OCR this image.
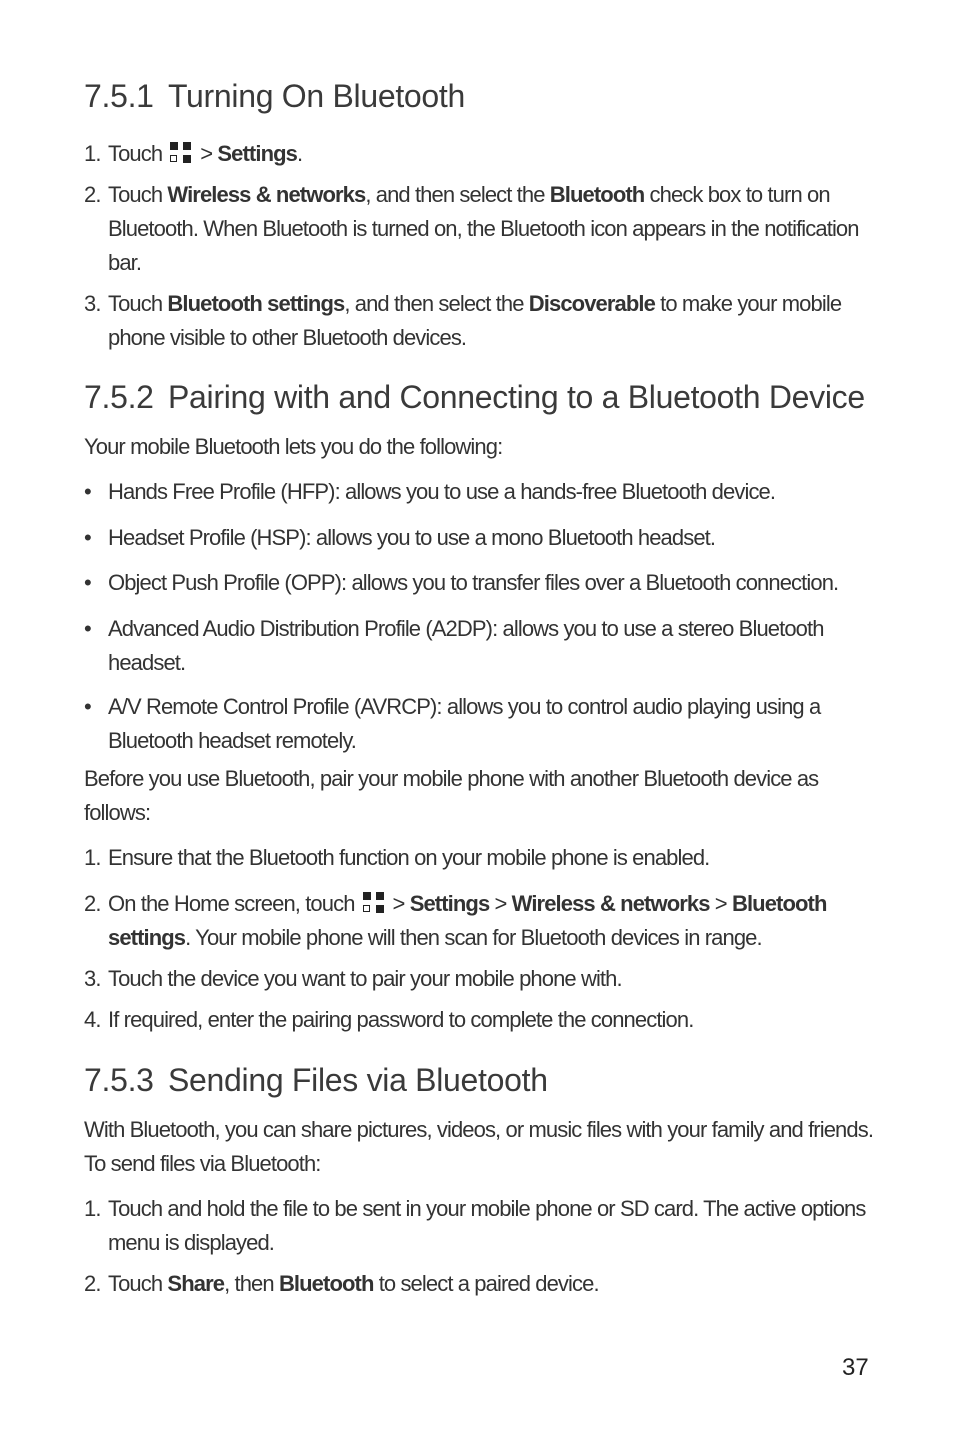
7.5.1 Turning On Bluetooth
1. Touch > Settings.
2. Touch Wireless & networks, and then select the Bluetooth check box to turn on Bluetooth. When Bluetooth is turned on, the Bluetooth icon appears in the notification bar.
3. Touch Bluetooth settings, and then select the Discoverable to make your mobile phone visible to other Bluetooth devices.
7.5.2 Pairing with and Connecting to a Bluetooth Device
Your mobile Bluetooth lets you do the following:
• Hands Free Profile (HFP): allows you to use a hands-free Bluetooth device.
• Headset Profile (HSP): allows you to use a mono Bluetooth headset.
• Object Push Profile (OPP): allows you to transfer files over a Bluetooth connection.
• Advanced Audio Distribution Profile (A2DP): allows you to use a stereo Bluetooth headset.
• A/V Remote Control Profile (AVRCP): allows you to control audio playing using a Bluetooth headset remotely.
Before you use Bluetooth, pair your mobile phone with another Bluetooth device as follows:
1. Ensure that the Bluetooth function on your mobile phone is enabled.
2. On the Home screen, touch > Settings > Wireless & networks > Bluetooth settings. Your mobile phone will then scan for Bluetooth devices in range.
3. Touch the device you want to pair your mobile phone with.
4. If required, enter the pairing password to complete the connection.
7.5.3 Sending Files via Bluetooth
With Bluetooth, you can share pictures, videos, or music files with your family and friends. To send files via Bluetooth:
1. Touch and hold the file to be sent in your mobile phone or SD card. The active options menu is displayed.
2. Touch Share, then Bluetooth to select a paired device.
37
